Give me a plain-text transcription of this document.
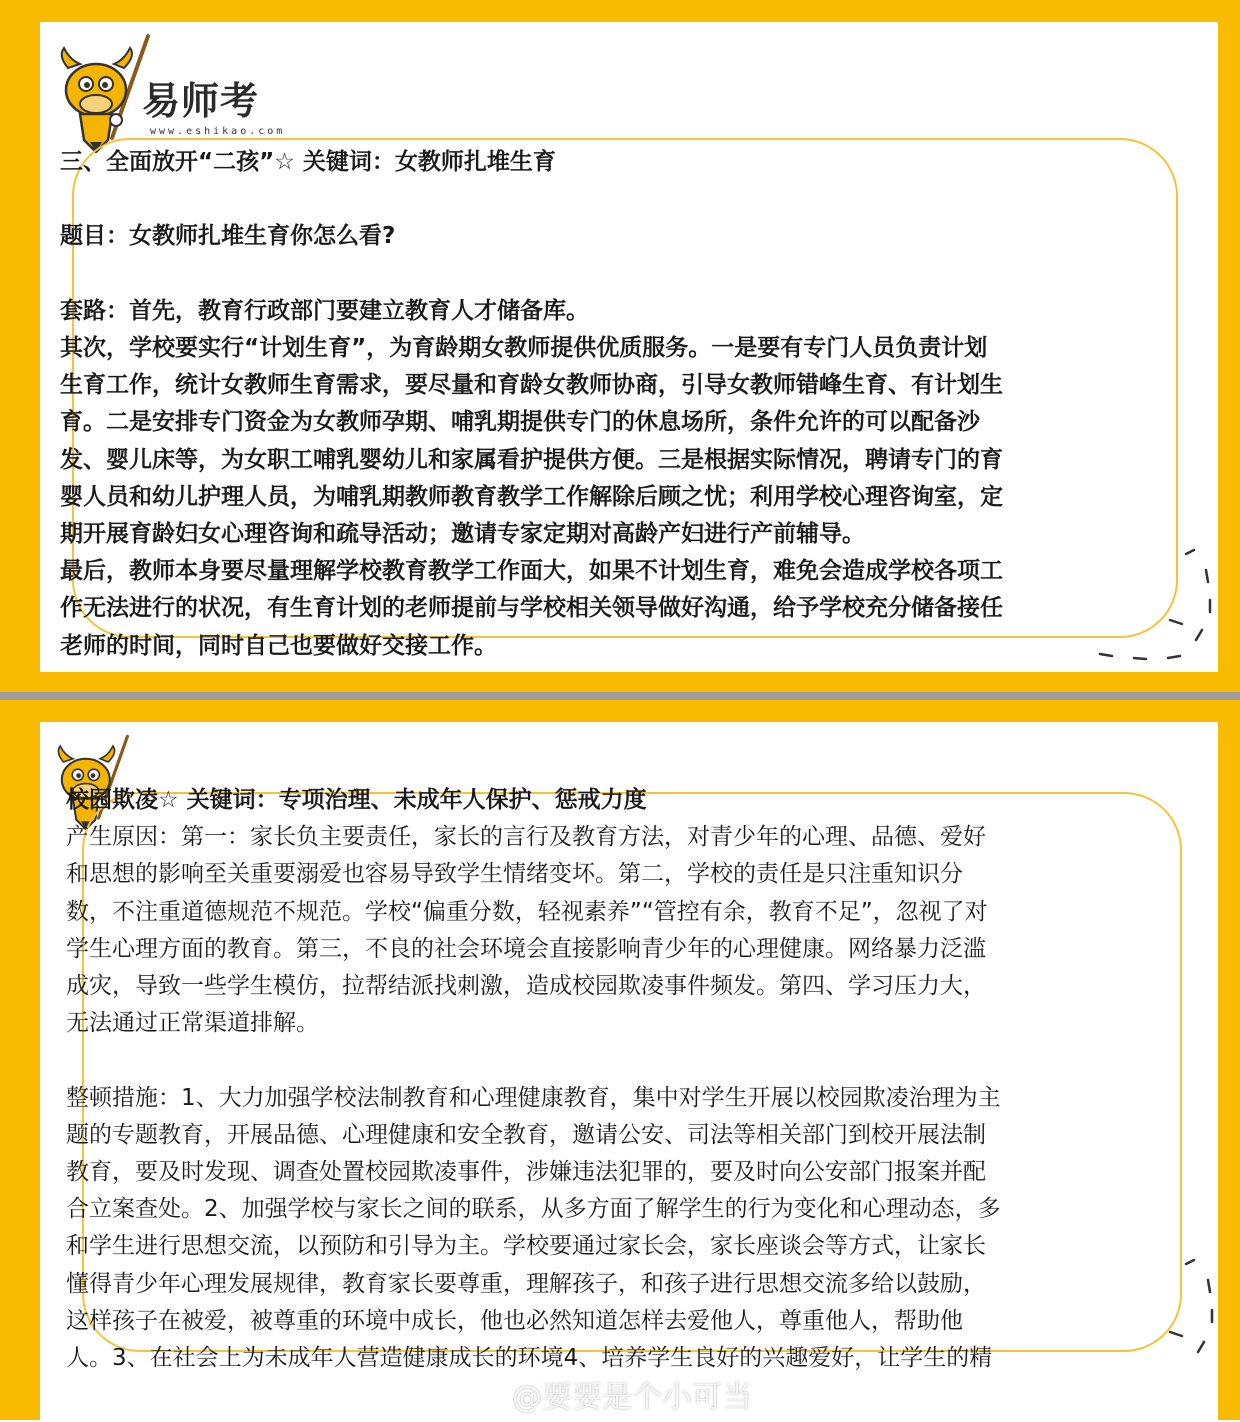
易师考
www.eshikao.com

三、全面放开“二孩”☆ 关键词：女教师扎堆生育

题目：女教师扎堆生育你怎么看?

套路：首先，教育行政部门要建立教育人才储备库。

其次，学校要实行“计划生育”，为育龄期女教师提供优质服务。一是要有专门人员负责计划

生育工作，统计女教师生育需求，要尽量和育龄女教师协商，引导女教师错峰生育、有计划生

育。二是安排专门资金为女教师孕期、哺乳期提供专门的休息场所，条件允许的可以配备沙

发、婴儿床等，为女职工哺乳婴幼儿和家属看护提供方便。三是根据实际情况，聘请专门的育

婴人员和幼儿护理人员，为哺乳期教师教育教学工作解除后顾之忧；利用学校心理咨询室，定

期开展育龄妇女心理咨询和疏导活动；邀请专家定期对高龄产妇进行产前辅导。

最后，教师本身要尽量理解学校教育教学工作面大，如果不计划生育，难免会造成学校各项工

作无法进行的状况，有生育计划的老师提前与学校相关领导做好沟通，给予学校充分储备接任

老师的时间，同时自己也要做好交接工作。

校园欺凌☆ 关键词：专项治理、未成年人保护、惩戒力度

产生原因：第一：家长负主要责任，家长的言行及教育方法，对青少年的心理、品德、爱好

和思想的影响至关重要溺爱也容易导致学生情绪变坏。第二，学校的责任是只注重知识分

数，不注重道德规范不规范。学校“偏重分数，轻视素养”“管控有余，教育不足”，忽视了对

学生心理方面的教育。第三，不良的社会环境会直接影响青少年的心理健康。网络暴力泛滥

成灾，导致一些学生模仿，拉帮结派找刺激，造成校园欺凌事件频发。第四、学习压力大，

无法通过正常渠道排解。

整顿措施：1、大力加强学校法制教育和心理健康教育，集中对学生开展以校园欺凌治理为主

题的专题教育，开展品德、心理健康和安全教育，邀请公安、司法等相关部门到校开展法制

教育，要及时发现、调查处置校园欺凌事件，涉嫌违法犯罪的，要及时向公安部门报案并配

合立案查处。2、加强学校与家长之间的联系，从多方面了解学生的行为变化和心理动态，多

和学生进行思想交流，以预防和引导为主。学校要通过家长会，家长座谈会等方式，让家长

懂得青少年心理发展规律，教育家长要尊重，理解孩子，和孩子进行思想交流多给以鼓励，

这样孩子在被爱，被尊重的环境中成长，他也必然知道怎样去爱他人，尊重他人，帮助他

人。3、在社会上为未成年人营造健康成长的环境4、培养学生良好的兴趣爱好，让学生的精

@要要是个小可当
